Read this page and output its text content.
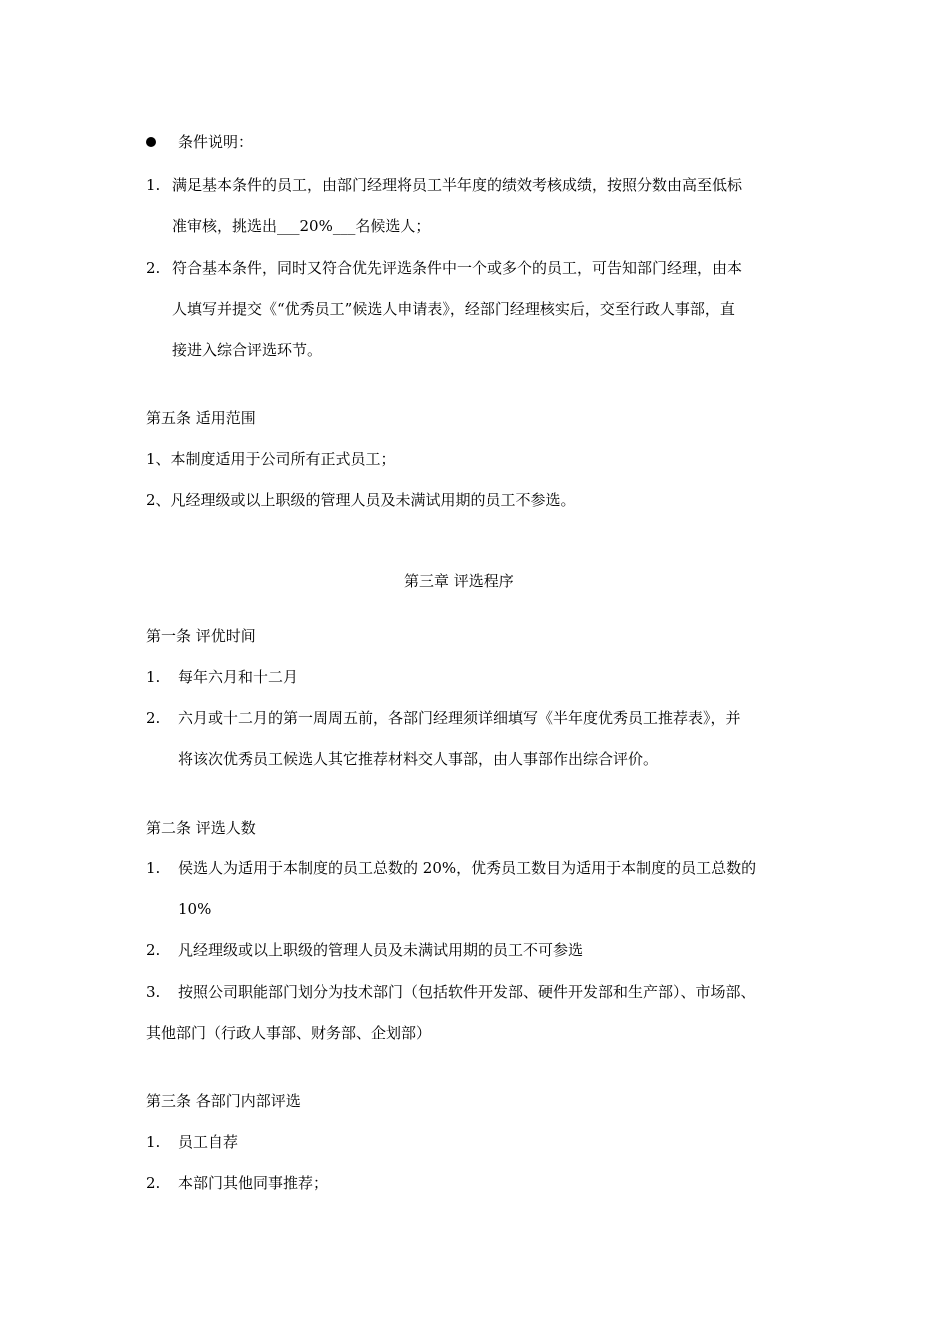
条件说明：
1. 满足基本条件的员工，由部门经理将员工半年度的绩效考核成绩，按照分数由高至低标
准审核，挑选出___20%___名候选人；
2. 符合基本条件，同时又符合优先评选条件中一个或多个的员工，可告知部门经理，由本
人填写并提交《“优秀员工”候选人申请表》，经部门经理核实后，交至行政人事部，直
接进入综合评选环节。
第五条 适用范围
1、本制度适用于公司所有正式员工；
2、凡经理级或以上职级的管理人员及未满试用期的员工不参选。
第三章 评选程序
第一条 评优时间
1. 每年六月和十二月
2. 六月或十二月的第一周周五前，各部门经理须详细填写《半年度优秀员工推荐表》，并
将该次优秀员工候选人其它推荐材料交人事部，由人事部作出综合评价。
第二条 评选人数
1. 侯选人为适用于本制度的员工总数的 20%，优秀员工数目为适用于本制度的员工总数的
10%
2. 凡经理级或以上职级的管理人员及未满试用期的员工不可参选
3. 按照公司职能部门划分为技术部门（包括软件开发部、硬件开发部和生产部）、市场部、
其他部门（行政人事部、财务部、企划部）
第三条 各部门内部评选
1. 员工自荐
2. 本部门其他同事推荐；
